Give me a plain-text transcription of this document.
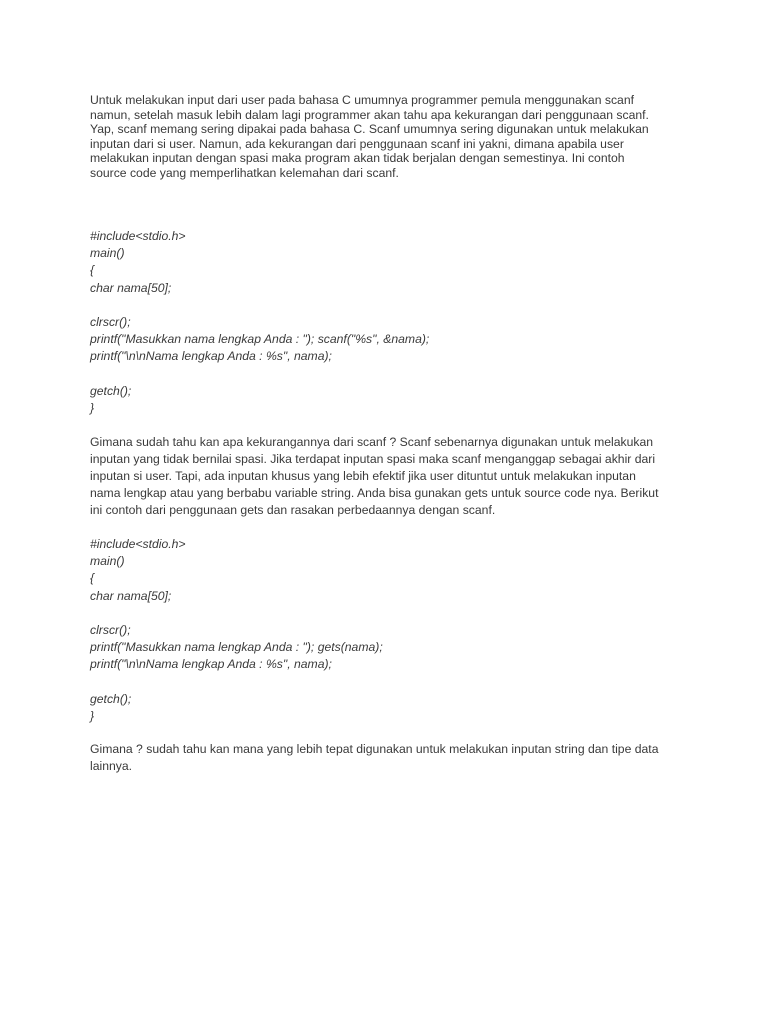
Untuk melakukan input dari user pada bahasa C umumnya programmer pemula menggunakan scanf
namun, setelah masuk lebih dalam lagi programmer akan tahu apa kekurangan dari penggunaan scanf.
Yap, scanf memang sering dipakai pada bahasa C. Scanf umumnya sering digunakan untuk melakukan
inputan dari si user. Namun, ada kekurangan dari penggunaan scanf ini yakni, dimana apabila user
melakukan inputan dengan spasi maka program akan tidak berjalan dengan semestinya. Ini contoh
source code yang memperlihatkan kelemahan dari scanf.
#include<stdio.h>
main()
{
char nama[50];
clrscr();
printf("Masukkan nama lengkap Anda : "); scanf("%s", &nama);
printf("\n\nNama lengkap Anda : %s", nama);
getch();
}
Gimana sudah tahu kan apa kekurangannya dari scanf ? Scanf sebenarnya digunakan untuk melakukan
inputan yang tidak bernilai spasi. Jika terdapat inputan spasi maka scanf menganggap sebagai akhir dari
inputan si user. Tapi, ada inputan khusus yang lebih efektif jika user dituntut untuk melakukan inputan
nama lengkap atau yang berbabu variable string. Anda bisa gunakan gets untuk source code nya. Berikut
ini contoh dari penggunaan gets dan rasakan perbedaannya dengan scanf.
#include<stdio.h>
main()
{
char nama[50];
clrscr();
printf("Masukkan nama lengkap Anda : "); gets(nama);
printf("\n\nNama lengkap Anda : %s", nama);
getch();
}
Gimana ? sudah tahu kan mana yang lebih tepat digunakan untuk melakukan inputan string dan tipe data
lainnya.
